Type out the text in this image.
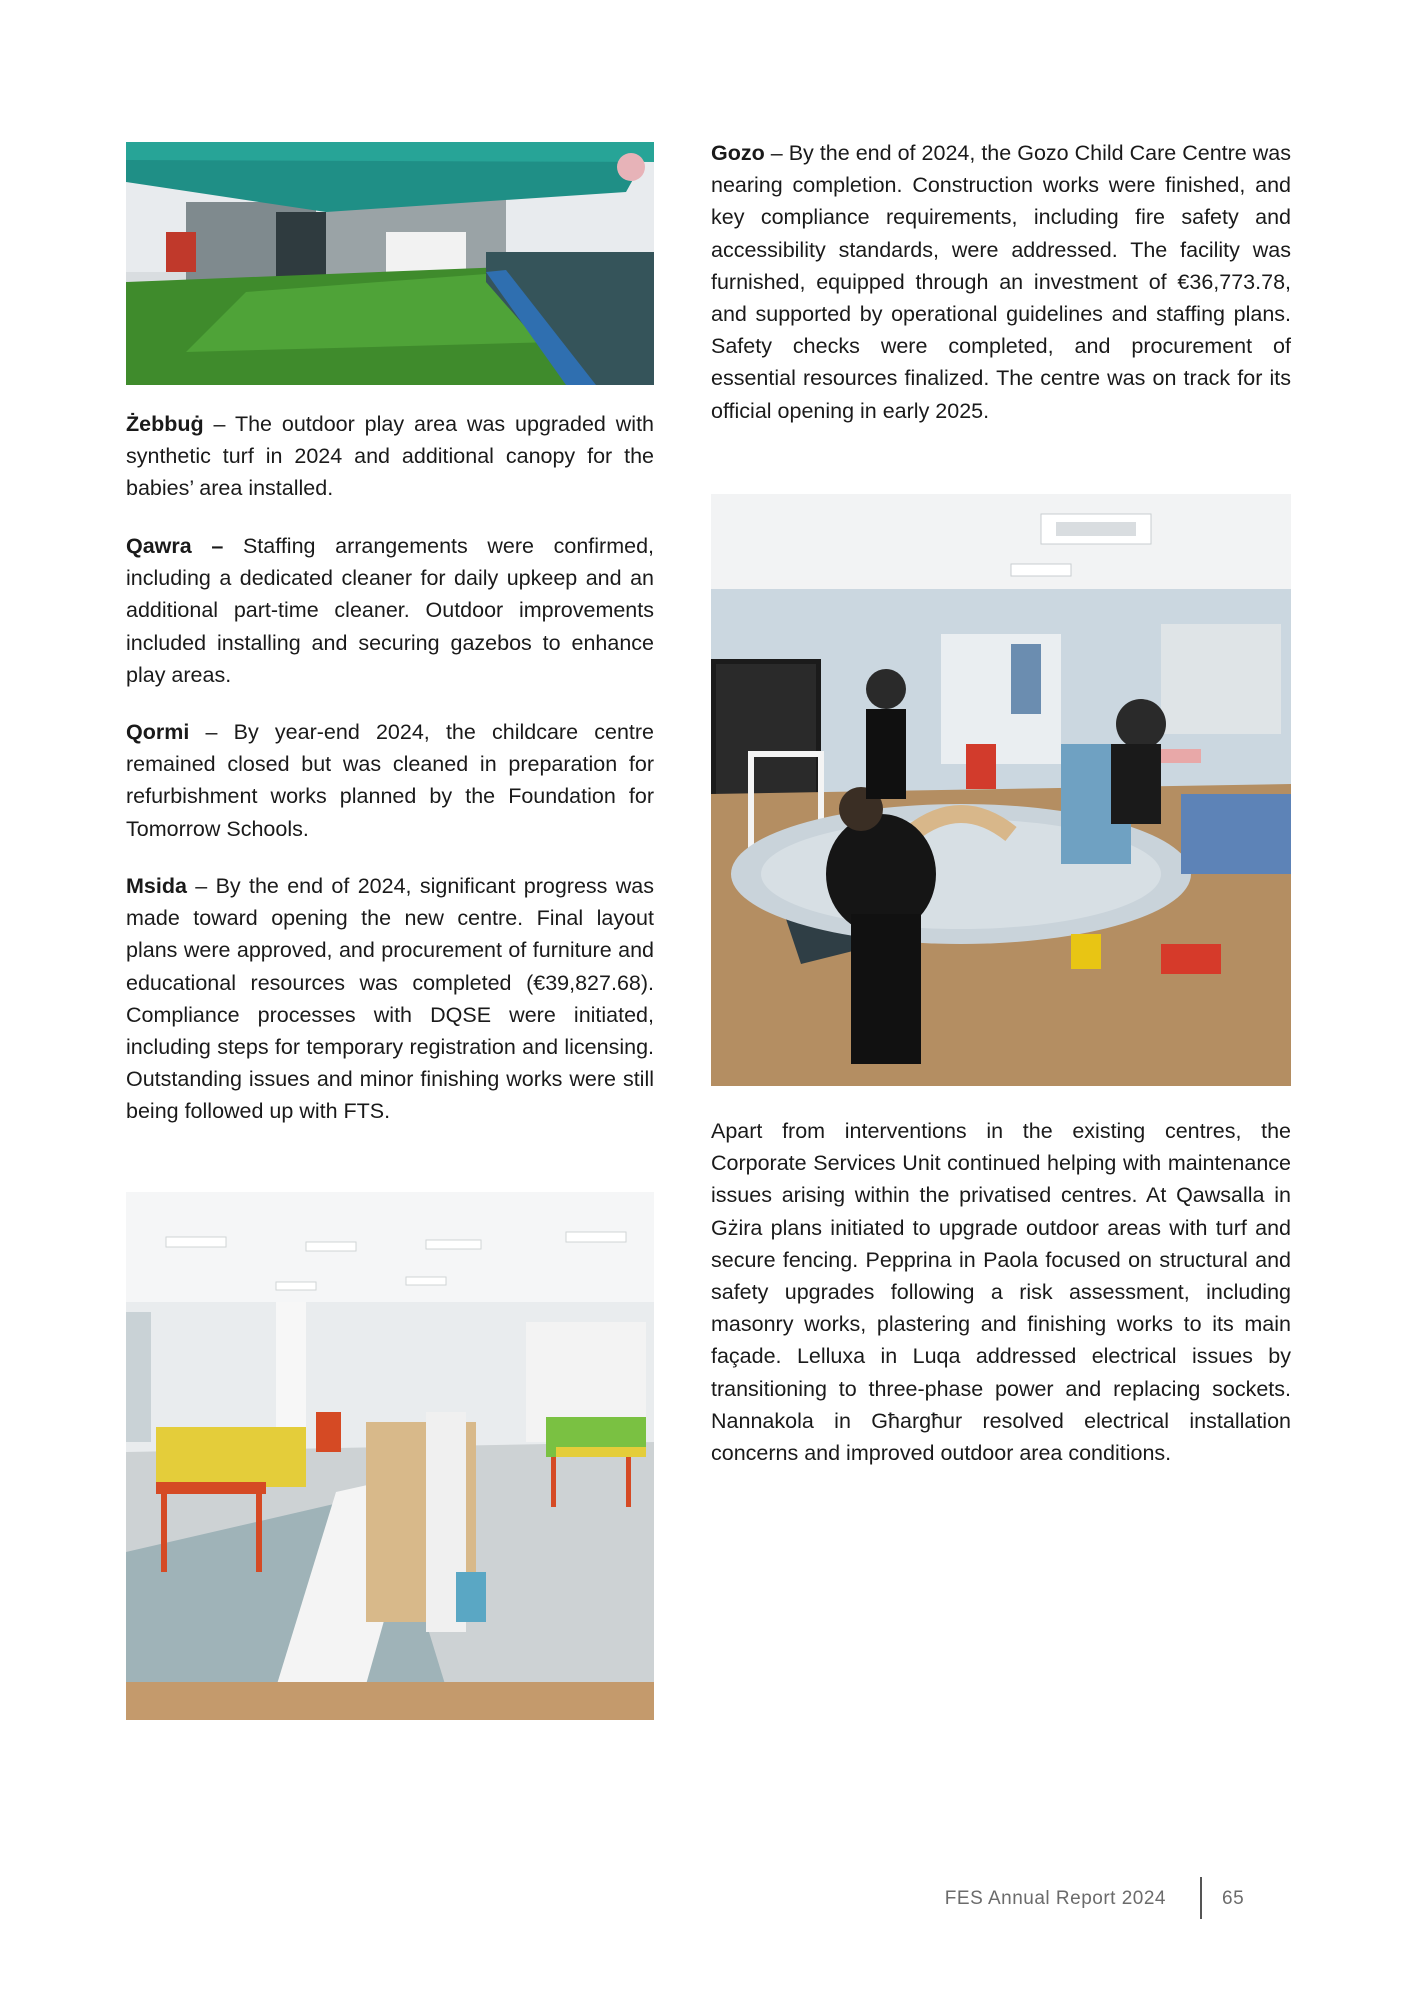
Żebbuġ – The outdoor play area was upgraded with synthetic turf in 2024 and additional canopy for the babies’ area installed.

Qawra – Staffing arrangements were confirmed, including a dedicated cleaner for daily upkeep and an additional part-time cleaner. Outdoor improvements included installing and securing gazebos to enhance play areas.

Qormi – By year-end 2024, the childcare centre remained closed but was cleaned in preparation for refurbishment works planned by the Foundation for Tomorrow Schools.

Msida – By the end of 2024, significant progress was made toward opening the new centre. Final layout plans were approved, and procurement of furniture and educational resources was completed (€39,827.68). Compliance processes with DQSE were initiated, including steps for temporary registration and licensing. Outstanding issues and minor finishing works were still being followed up with FTS.

Gozo – By the end of 2024, the Gozo Child Care Centre was nearing completion. Construction works were finished, and key compliance requirements, including fire safety and accessibility standards, were addressed. The facility was furnished, equipped through an investment of €36,773.78, and supported by operational guidelines and staffing plans. Safety checks were completed, and procurement of essential resources finalized. The centre was on track for its official opening in early 2025.

Apart from interventions in the existing centres, the Corporate Services Unit continued helping with maintenance issues arising within the privatised centres. At Qawsalla in Gżira plans initiated to upgrade outdoor areas with turf and secure fencing. Pepprina in Paola focused on structural and safety upgrades following a risk assessment, including masonry works, plastering and finishing works to its main façade. Lelluxa in Luqa addressed electrical issues by transitioning to three-phase power and replacing sockets. Nannakola in Għargħur resolved electrical installation concerns and improved outdoor area conditions.

FES Annual Report 2024	65
